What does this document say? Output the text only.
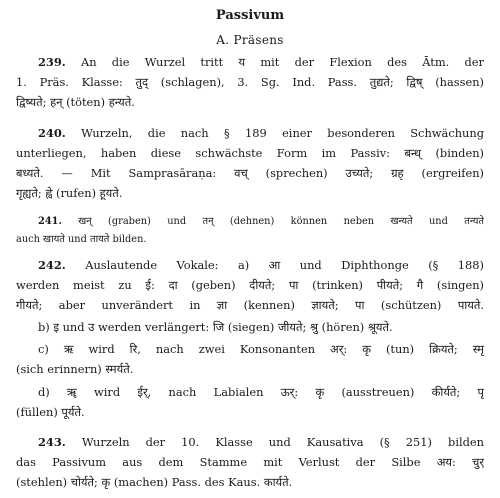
Passivum
A. Präsens
239. An die Wurzel tritt य mit der Flexion des Ātm. der
1. Präs. Klasse: तुद् (schlagen), 3. Sg. Ind. Pass. तुद्यते; द्विष् (hassen)
द्विष्यते; हन् (töten) हन्यते.
240. Wurzeln, die nach § 189 einer besonderen Schwächung
unterliegen, haben diese schwächste Form im Passiv: बन्ध् (binden)
बध्यते. — Mit Samprasāraṇa: वच् (sprechen) उच्यते; ग्रह् (ergreifen)
गृह्यते; ह्वे (rufen) हूयते.
241. खन् (graben) und तन् (dehnen) können neben खन्यते und तन्यते
auch खायते und तायते bilden.
242. Auslautende Vokale: a) आ und Diphthonge (§ 188)
werden meist zu ई: दा (geben) दीयते; पा (trinken) पीयते; गै (singen)
गीयते; aber unverändert in ज्ञा (kennen) ज्ञायते; पा (schützen) पायते.
b) इ und उ werden verlängert: जि (siegen) जीयते; श्रु (hören) श्रूयते.
c) ऋ wird रि, nach zwei Konsonanten अर्: कृ (tun) क्रियते; स्मृ
(sich erinnern) स्मर्यते.
d) ॠ wird ईर्, nach Labialen ऊर्: कॄ (ausstreuen) कीर्यते; पॄ
(füllen) पूर्यते.
243. Wurzeln der 10. Klasse und Kausativa (§ 251) bilden
das Passivum aus dem Stamme mit Verlust der Silbe अय: चुर्
(stehlen) चोर्यते; कृ (machen) Pass. des Kaus. कार्यते.
